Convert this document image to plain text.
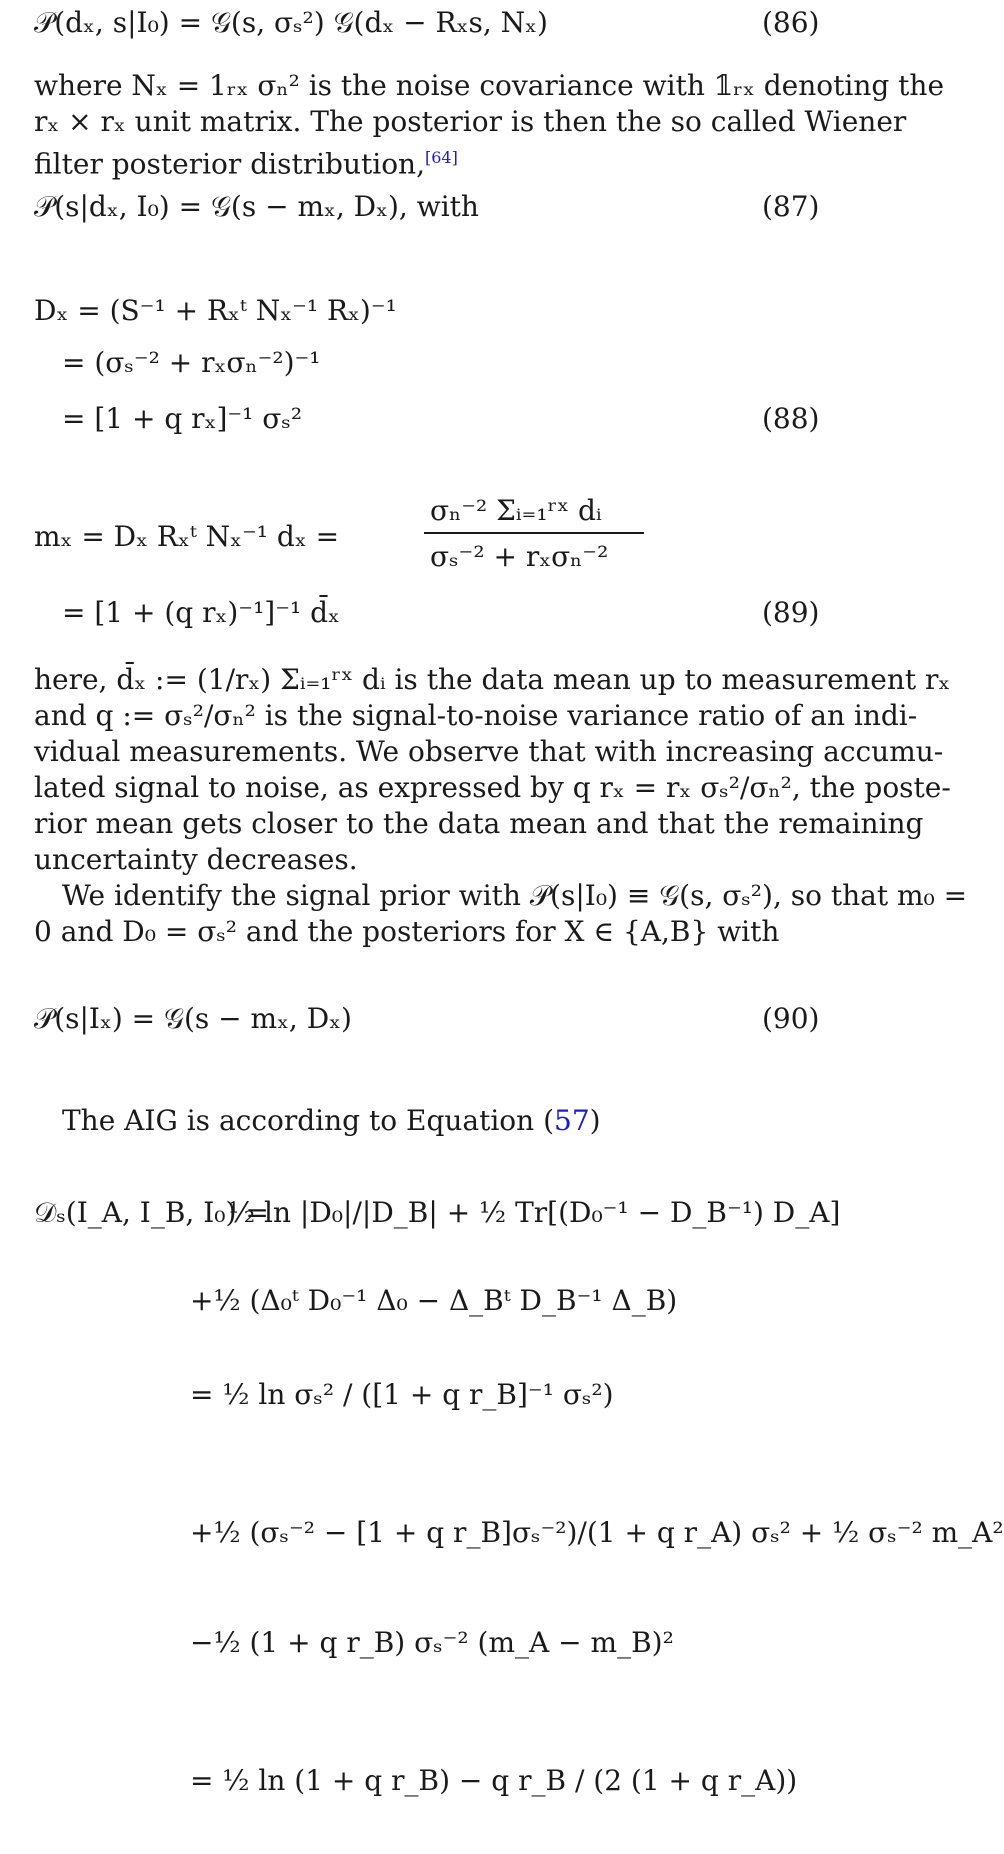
𝒫(dₓ, s|I₀) = 𝒢(s, σₛ²) 𝒢(dₓ − Rₓs, Nₓ)	(86)
where Nₓ = 1ᵣₓ σₙ² is the noise covariance with 𝟙ᵣₓ denoting the
rₓ × rₓ unit matrix. The posterior is then the so called Wiener
filter posterior distribution,[64]
𝒫(s|dₓ, I₀) = 𝒢(s − mₓ, Dₓ), with	(87)
Dₓ = (S⁻¹ + Rₓᵗ Nₓ⁻¹ Rₓ)⁻¹
= (σₛ⁻² + rₓσₙ⁻²)⁻¹
= [1 + q rₓ]⁻¹ σₛ²	(88)
mₓ = Dₓ Rₓᵗ Nₓ⁻¹ dₓ =
σₙ⁻² Σᵢ₌₁ʳˣ dᵢ
σₛ⁻² + rₓσₙ⁻²
= [1 + (q rₓ)⁻¹]⁻¹ d̄ₓ	(89)
here, d̄ₓ := (1/rₓ) Σᵢ₌₁ʳˣ dᵢ is the data mean up to measurement rₓ
and q := σₛ²/σₙ² is the signal-to-noise variance ratio of an indi-
vidual measurements. We observe that with increasing accumu-
lated signal to noise, as expressed by q rₓ = rₓ σₛ²/σₙ², the poste-
rior mean gets closer to the data mean and that the remaining
uncertainty decreases.
We identify the signal prior with 𝒫(s|I₀) ≡ 𝒢(s, σₛ²), so that m₀ =
0 and D₀ = σₛ² and the posteriors for X ∈ {A,B} with
𝒫(s|Iₓ) = 𝒢(s − mₓ, Dₓ)	(90)
The AIG is according to Equation (57)
𝒟ₛ(I_A, I_B, I₀) =
½ ln |D₀|/|D_B| + ½ Tr[(D₀⁻¹ − D_B⁻¹) D_A]
+½ (Δ₀ᵗ D₀⁻¹ Δ₀ − Δ_Bᵗ D_B⁻¹ Δ_B)
= ½ ln σₛ² / ([1 + q r_B]⁻¹ σₛ²)
+½ (σₛ⁻² − [1 + q r_B]σₛ⁻²)/(1 + q r_A) σₛ² + ½ σₛ⁻² m_A²
−½ (1 + q r_B) σₛ⁻² (m_A − m_B)²
= ½ ln (1 + q r_B) − q r_B / (2 (1 + q r_A))
